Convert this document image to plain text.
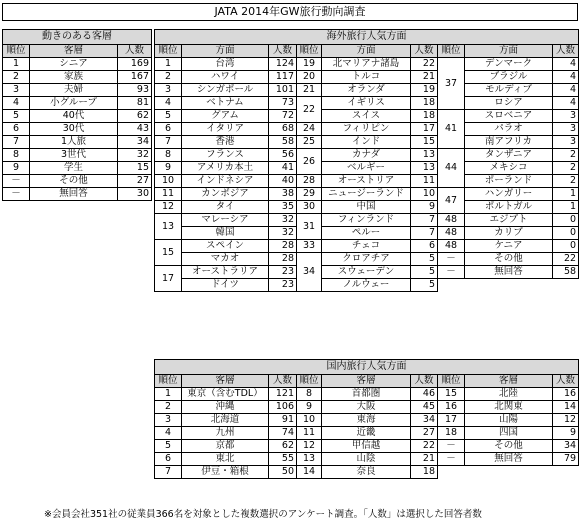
JATA 2014年GW旅行動向調査
動きのある客層		
順位	客層	人数
1	シニア	169
2	家族	167
3	夫婦	93
4	小グループ	81
5	40代	62
6	30代	43
7	1人旅	34
8	3世代	32
9	学生	15
－	その他	27
－	無回答	30
海外旅行人気方面								
順位	方面	人数	順位	方面	人数	順位	方面	人数
1	台湾	124	19	北マリアナ諸島	22	37	デンマーク	4
2	ハワイ	117	20	トルコ	21		ブラジル	4
3	シンガポール	101	21	オランダ	19		モルディブ	4
4	ベトナム	73	22	イギリス	18		ロシア	4
5	グアム	72		スイス	18	41	スロベニア	3
6	イタリア	68	24	フィリピン	17		パラオ	3
7	香港	58	25	インド	15		南アフリカ	3
8	フランス	56	26	カナダ	13	44	タンザニア	2
9	アメリカ本土	41		ベルギー	13		メキシコ	2
10	インドネシア	40	28	オーストリア	11		ポーランド	2
11	カンボジア	38	29	ニュージーランド	10	47	ハンガリー	1
12	タイ	35	30	中国	9		ポルトガル	1
13	マレーシア	32	31	フィンランド	7	48	エジプト	0
	韓国	32		ペルー	7	48	カリブ	0
15	スペイン	28	33	チェコ	6	48	ケニア	0
	マカオ	28	34	クロアチア	5	－	その他	22
17	オーストラリア	23		スウェーデン	5	－	無回答	58
	ドイツ	23		ノルウェー	5			

国内旅行人気方面								
順位	客層	人数	順位	客層	人数	順位	客層	人数
1	東京（含むTDL）	121	8	首都圏	46	15	北陸	16
2	沖縄	106	9	大阪	45	16	北関東	14
3	北海道	91	10	東海	34	17	山陽	12
4	九州	74	11	近畿	27	18	四国	9
5	京都	62	12	甲信越	22	－	その他	34
6	東北	55	13	山陰	21	－	無回答	79
7	伊豆・箱根	50	14	奈良	18			
※会員会社351社の従業員366名を対象とした複数選択のアンケート調査。「人数」は選択した回答者数
